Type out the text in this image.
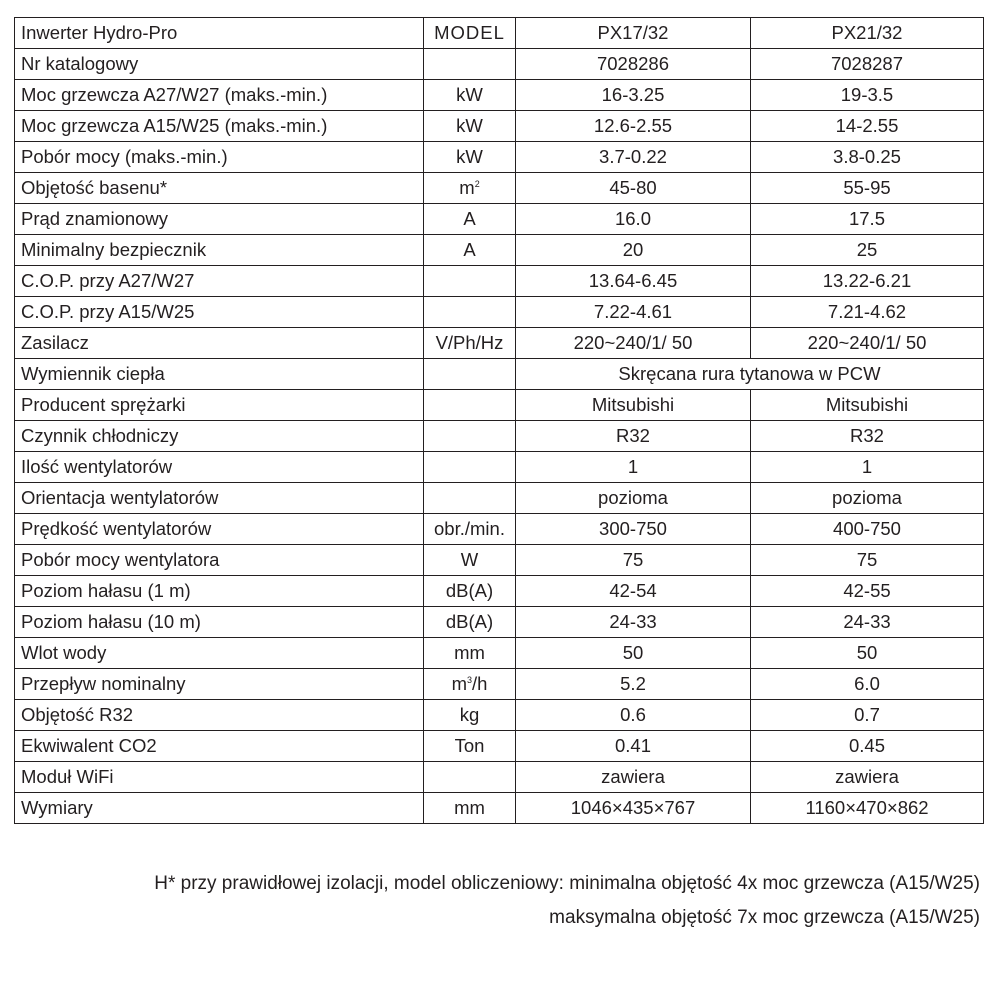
Inwerter Hydro-Pro	MODEL	PX17/32	PX21/32
Nr katalogowy		7028286	7028287
Moc grzewcza A27/W27 (maks.-min.)	kW	16-3.25	19-3.5
Moc grzewcza A15/W25 (maks.-min.)	kW	12.6-2.55	14-2.55
Pobór mocy (maks.-min.)	kW	3.7-0.22	3.8-0.25
Objętość basenu*	$m^2$	45-80	55-95
Prąd znamionowy	A	16.0	17.5
Minimalny bezpiecznik	A	20	25
C.O.P. przy A27/W27		13.64-6.45	13.22-6.21
C.O.P. przy A15/W25		7.22-4.61	7.21-4.62
Zasilacz	V/Ph/Hz	220~240/1/ 50	220~240/1/ 50
Wymiennik ciepła		Skręcana rura tytanowa w PCW	
Producent sprężarki		Mitsubishi	Mitsubishi
Czynnik chłodniczy		R32	R32
Ilość wentylatorów		1	1
Orientacja wentylatorów		pozioma	pozioma
Prędkość wentylatorów	obr./min.	300-750	400-750
Pobór mocy wentylatora	W	75	75
Poziom hałasu (1 m)	dB(A)	42-54	42-55
Poziom hałasu (10 m)	dB(A)	24-33	24-33
Wlot wody	mm	50	50
Przepływ nominalny	$m^3/h$	5.2	6.0
Objętość R32	kg	0.6	0.7
Ekwiwalent CO2	Ton	0.41	0.45
Moduł WiFi		zawiera	zawiera
Wymiary	mm	1046×435×767	1160×470×862

H* przy prawidłowej izolacji, model obliczeniowy: minimalna objętość 4x moc grzewcza (A15/W25)

maksymalna objętość 7x moc grzewcza (A15/W25)
